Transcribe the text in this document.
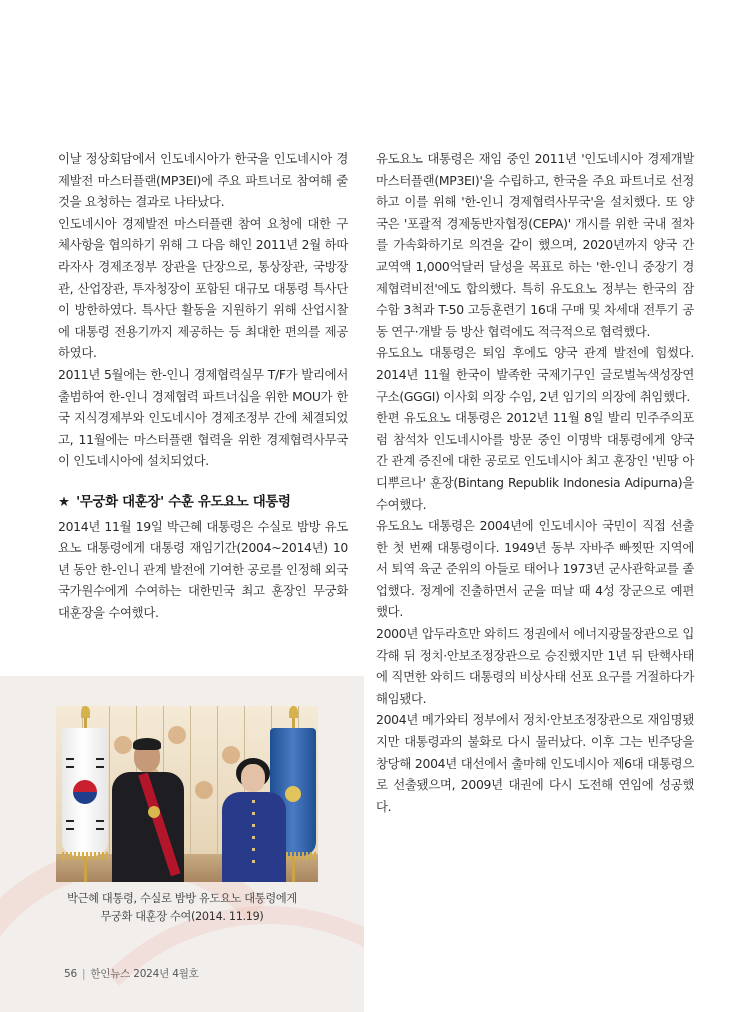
이날 정상회담에서 인도네시아가 한국을 인도네시아 경제발전 마스터플랜(MP3EI)에 주요 파트너로 참여해 줄 것을 요청하는 결과로 나타났다.

인도네시아 경제발전 마스터플랜 참여 요청에 대한 구체사항을 협의하기 위해 그 다음 해인 2011년 2월 하따 라자사 경제조정부 장관을 단장으로, 통상장관, 국방장관, 산업장관, 투자청장이 포함된 대규모 대통령 특사단이 방한하였다. 특사단 활동을 지원하기 위해 산업시찰에 대통령 전용기까지 제공하는 등 최대한 편의를 제공하였다.

2011년 5월에는 한-인니 경제협력실무 T/F가 발리에서 출범하여 한-인니 경제협력 파트너십을 위한 MOU가 한국 지식경제부와 인도네시아 경제조정부 간에 체결되었고, 11월에는 마스터플랜 협력을 위한 경제협력사무국이 인도네시아에 설치되었다.

★ '무궁화 대훈장' 수훈 유도요노 대통령

2014년 11월 19일 박근혜 대통령은 수실로 밤방 유도요노 대통령에게 대통령 재임기간(2004~2014년) 10년 동안 한-인니 관계 발전에 기여한 공로를 인정해 외국 국가원수에게 수여하는 대한민국 최고 훈장인 무궁화 대훈장을 수여했다.

유도요노 대통령은 재임 중인 2011년 '인도네시아 경제개발 마스터플랜(MP3EI)'을 수립하고, 한국을 주요 파트너로 선정하고 이를 위해 '한-인니 경제협력사무국'을 설치했다. 또 양국은 '포괄적 경제동반자협정(CEPA)' 개시를 위한 국내 절차를 가속화하기로 의견을 같이 했으며, 2020년까지 양국 간 교역액 1,000억달러 달성을 목표로 하는 '한-인니 중장기 경제협력비전'에도 합의했다. 특히 유도요노 정부는 한국의 잠수함 3척과 T-50 고등훈련기 16대 구매 및 차세대 전투기 공동 연구·개발 등 방산 협력에도 적극적으로 협력했다.

유도요노 대통령은 퇴임 후에도 양국 관계 발전에 힘썼다. 2014년 11월 한국이 발족한 국제기구인 글로벌녹색성장연구소(GGGI) 이사회 의장 수임, 2년 임기의 의장에 취임했다.

한편 유도요노 대통령은 2012년 11월 8일 발리 민주주의포럼 참석차 인도네시아를 방문 중인 이명박 대통령에게 양국 간 관계 증진에 대한 공로로 인도네시아 최고 훈장인 '빈땅 아디뿌르나' 훈장(Bintang Republik Indonesia Adipurna)을 수여했다.

유도요노 대통령은 2004년에 인도네시아 국민이 직접 선출한 첫 번째 대통령이다. 1949년 동부 자바주 빠찟딴 지역에서 퇴역 육군 준위의 아들로 태어나 1973년 군사관학교를 졸업했다. 정계에 진출하면서 군을 떠날 때 4성 장군으로 예편했다.

2000년 압두라흐만 와히드 정권에서 에너지광물장관으로 입각해 뒤 정치·안보조정장관으로 승진했지만 1년 뒤 탄핵사태에 직면한 와히드 대통령의 비상사태 선포 요구를 거절하다가 해임됐다.

2004년 메가와티 정부에서 정치·안보조정장관으로 재임명됐지만 대통령과의 불화로 다시 물러났다. 이후 그는 빈주당을 창당해 2004년 대선에서 출마해 인도네시아 제6대 대통령으로 선출됐으며, 2009년 대권에 다시 도전해 연임에 성공했다.

박근혜 대통령, 수실로 밤방 유도요노 대통령에게
무궁화 대훈장 수여(2014. 11.19)
56 | 한인뉴스 2024년 4월호
